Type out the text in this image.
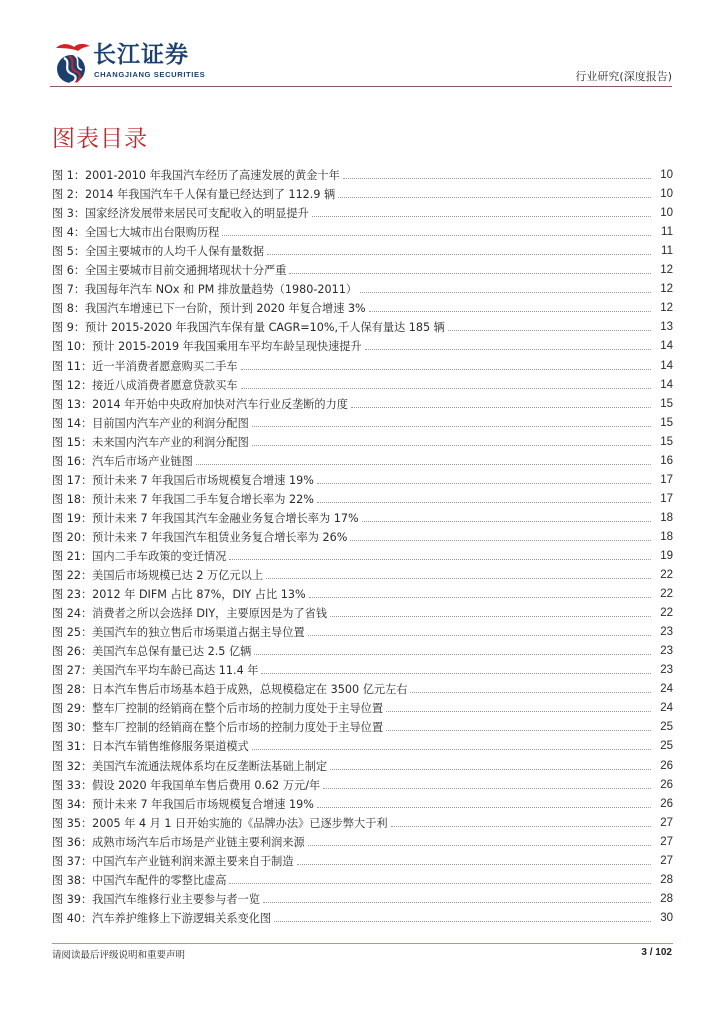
长江证券
CHANGJIANG SECURITIES	行业研究(深度报告)
图表目录
图 1：2001-2010 年我国汽车经历了高速发展的黄金十年	10
图 2：2014 年我国汽车千人保有量已经达到了 112.9 辆	10
图 3：国家经济发展带来居民可支配收入的明显提升	10
图 4：全国七大城市出台限购历程	11
图 5：全国主要城市的人均千人保有量数据	11
图 6：全国主要城市目前交通拥堵现状十分严重	12
图 7：我国每年汽车 NOx 和 PM 排放量趋势（1980-2011）	12
图 8：我国汽车增速已下一台阶，预计到 2020 年复合增速 3%	12
图 9：预计 2015-2020 年我国汽车保有量 CAGR=10%,千人保有量达 185 辆	13
图 10：预计 2015-2019 年我国乘用车平均车龄呈现快速提升	14
图 11：近一半消费者愿意购买二手车	14
图 12：接近八成消费者愿意贷款买车	14
图 13：2014 年开始中央政府加快对汽车行业反垄断的力度	15
图 14：目前国内汽车产业的利润分配图	15
图 15：未来国内汽车产业的利润分配图	15
图 16：汽车后市场产业链图	16
图 17：预计未来 7 年我国后市场规模复合增速 19%	17
图 18：预计未来 7 年我国二手车复合增长率为 22%	17
图 19：预计未来 7 年我国其汽车金融业务复合增长率为 17%	18
图 20：预计未来 7 年我国汽车租赁业务复合增长率为 26%	18
图 21：国内二手车政策的变迁情况	19
图 22：美国后市场规模已达 2 万亿元以上	22
图 23：2012 年 DIFM 占比 87%，DIY 占比 13%	22
图 24：消费者之所以会选择 DIY，主要原因是为了省钱	22
图 25：美国汽车的独立售后市场渠道占据主导位置	23
图 26：美国汽车总保有量已达 2.5 亿辆	23
图 27：美国汽车平均车龄已高达 11.4 年	23
图 28：日本汽车售后市场基本趋于成熟，总规模稳定在 3500 亿元左右	24
图 29：整车厂控制的经销商在整个后市场的控制力度处于主导位置	24
图 30：整车厂控制的经销商在整个后市场的控制力度处于主导位置	25
图 31：日本汽车销售维修服务渠道模式	25
图 32：美国汽车流通法规体系均在反垄断法基础上制定	26
图 33：假设 2020 年我国单车售后费用 0.62 万元/年	26
图 34：预计未来 7 年我国后市场规模复合增速 19%	26
图 35：2005 年 4 月 1 日开始实施的《品牌办法》已逐步弊大于利	27
图 36：成熟市场汽车后市场是产业链主要利润来源	27
图 37：中国汽车产业链利润来源主要来自于制造	27
图 38：中国汽车配件的零整比虚高	28
图 39：我国汽车维修行业主要参与者一览	28
图 40：汽车养护维修上下游逻辑关系变化图	30
请阅读最后评级说明和重要声明	3 / 102
